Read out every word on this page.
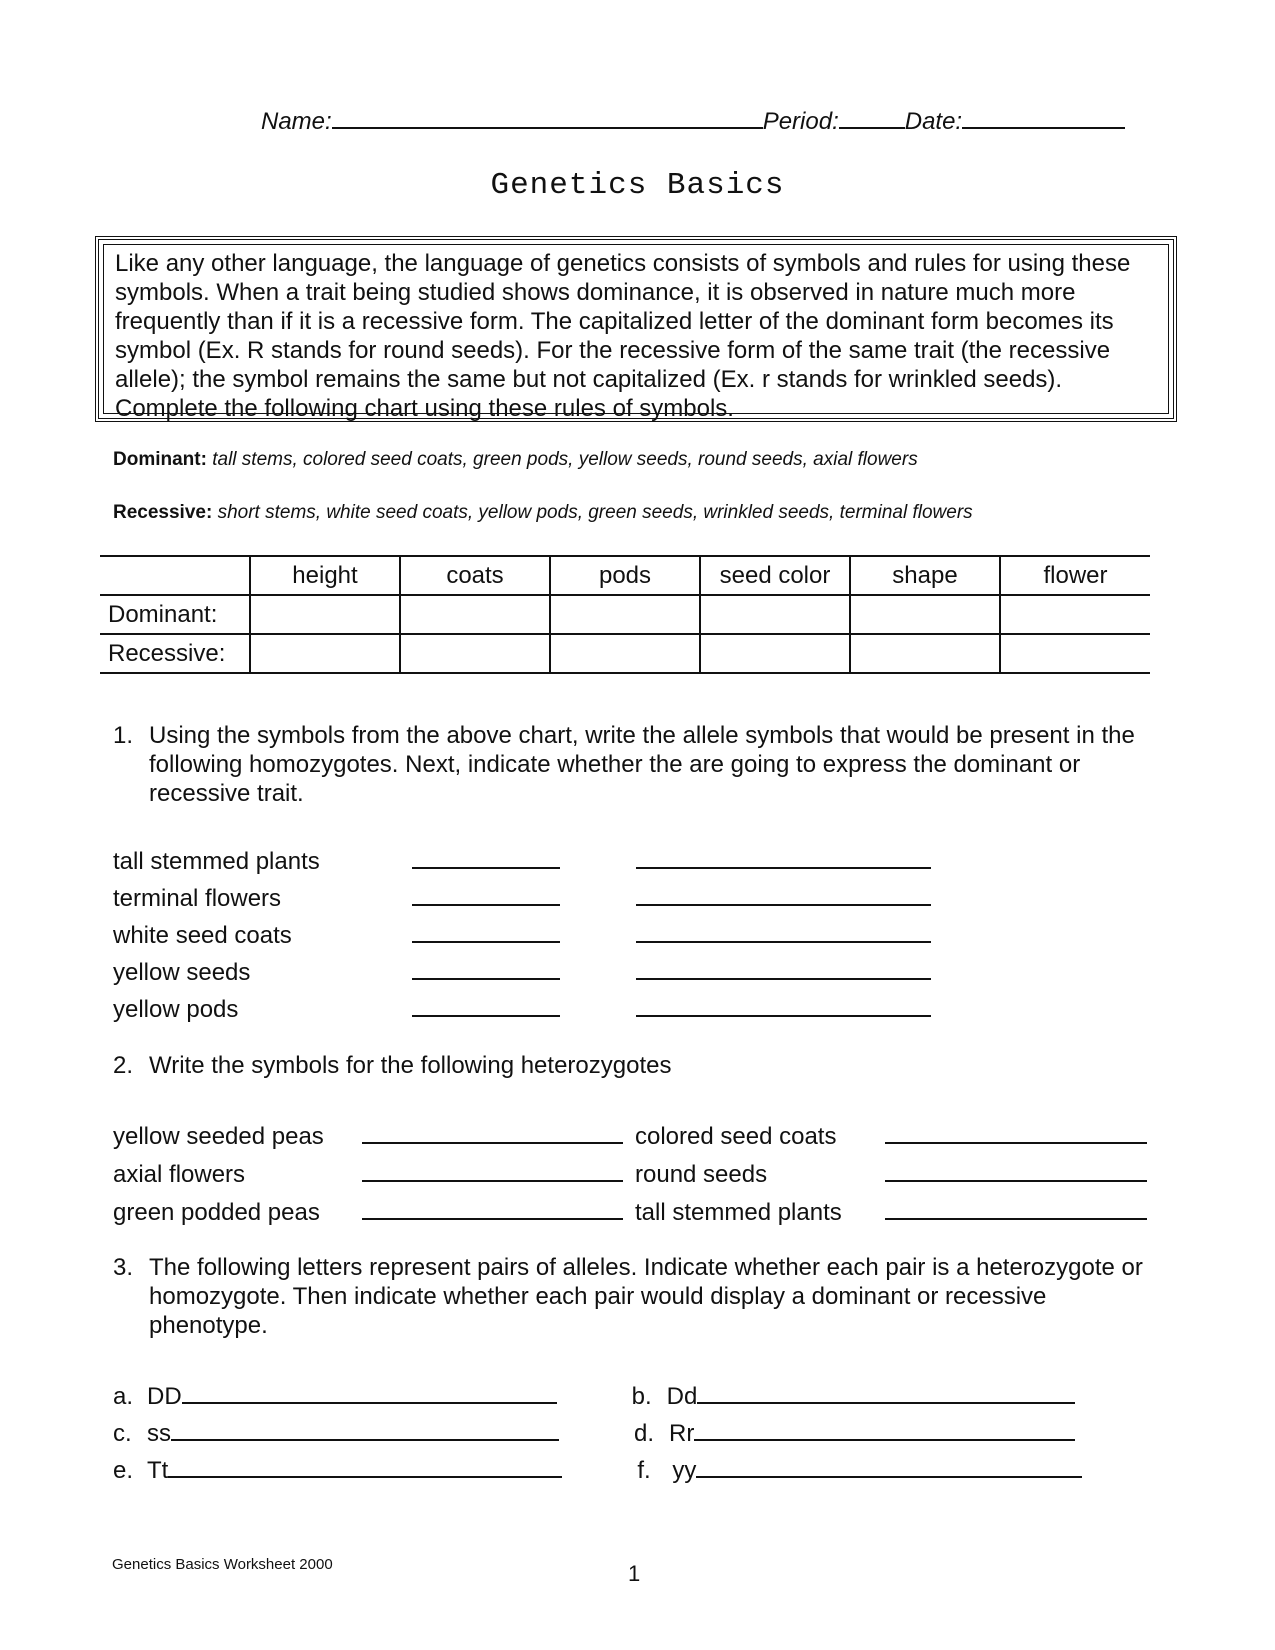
Name:	Period:	Date:
Genetics Basics

Like any other language, the language of genetics consists of symbols and rules for using these symbols. When a trait being studied shows dominance, it is observed in nature much more frequently than if it is a recessive form. The capitalized letter of the dominant form becomes its symbol (Ex. R stands for round seeds). For the recessive form of the same trait (the recessive allele); the symbol remains the same but not capitalized (Ex. r stands for wrinkled seeds). Complete the following chart using these rules of symbols.

Dominant: tall stems, colored seed coats, green pods, yellow seeds, round seeds, axial flowers
Recessive: short stems, white seed coats, yellow pods, green seeds, wrinkled seeds, terminal flowers
	height	coats	pods	seed color	shape	flower
Dominant:						
Recessive:						
1. Using the symbols from the above chart, write the allele symbols that would be present in the following homozygotes. Next, indicate whether the are going to express the dominant or recessive trait.
tall stemmed plants
terminal flowers
white seed coats
yellow seeds
yellow pods
2. Write the symbols for the following heterozygotes
yellow seeded peas	colored seed coats
axial flowers	round seeds
green podded peas	tall stemmed plants
3. The following letters represent pairs of alleles. Indicate whether each pair is a heterozygote or homozygote. Then indicate whether each pair would display a dominant or recessive phenotype.
a. DD	b. Dd
c. ss	d. Rr
e. Tt	f. yy
Genetics Basics Worksheet 2000	1
